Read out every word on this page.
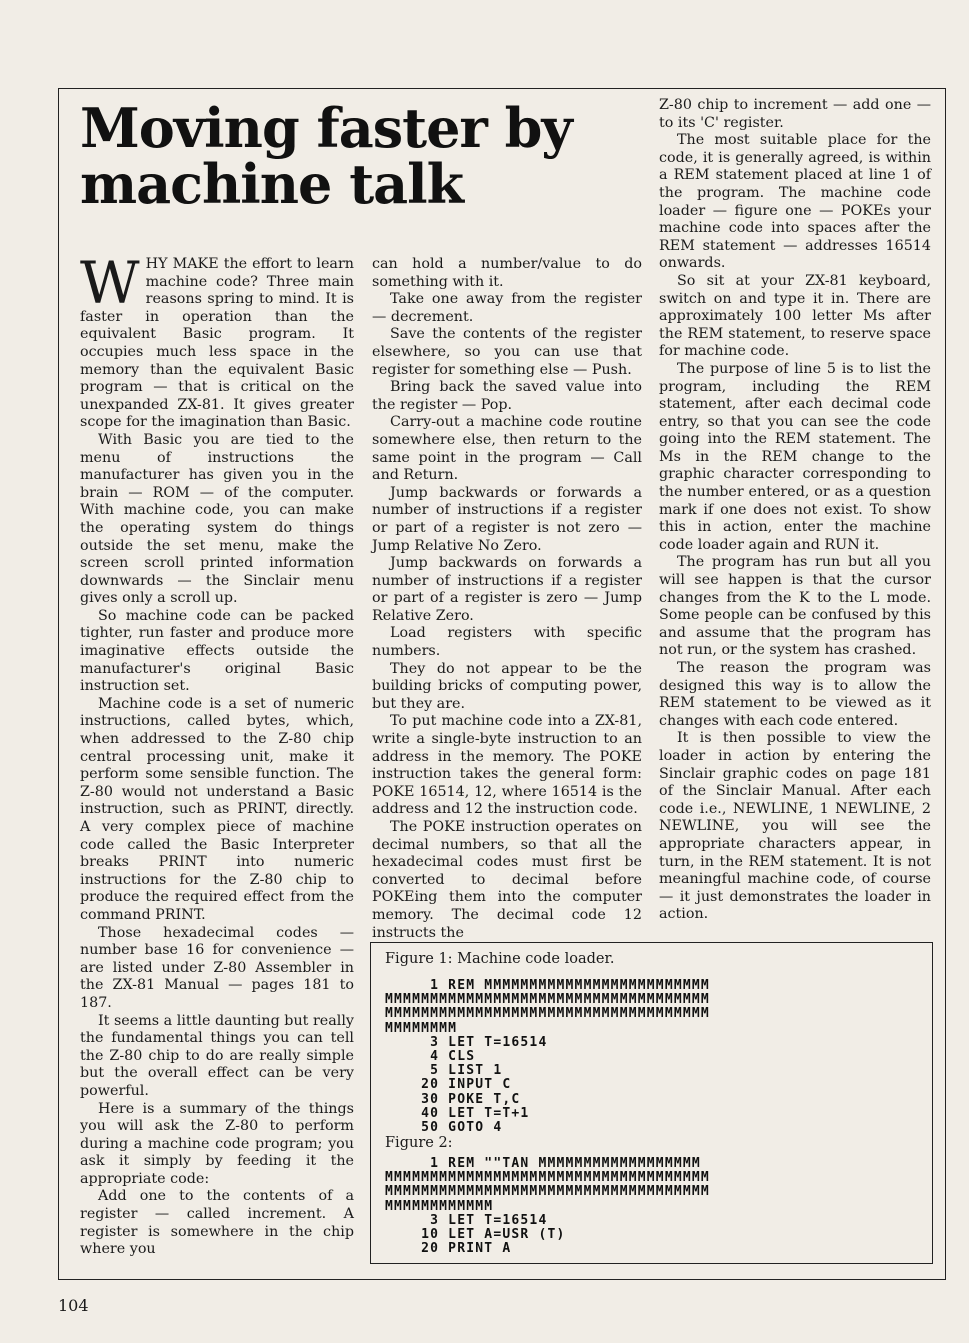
Moving faster by machine talk

WHY MAKE the effort to learn machine code? Three main reasons spring to mind. It is faster in operation than the equivalent Basic program. It occupies much less space in the memory than the equivalent Basic program — that is critical on the unexpanded ZX-81. It gives greater scope for the imagination than Basic.

With Basic you are tied to the menu of instructions the manufacturer has given you in the brain — ROM — of the computer. With machine code, you can make the operating system do things outside the set menu, make the screen scroll printed information downwards — the Sinclair menu gives only a scroll up.

So machine code can be packed tighter, run faster and produce more imaginative effects outside the manufacturer's original Basic instruction set.

Machine code is a set of numeric instructions, called bytes, which, when addressed to the Z-80 chip central processing unit, make it perform some sensible function. The Z-80 would not understand a Basic instruction, such as PRINT, directly. A very complex piece of machine code called the Basic Interpreter breaks PRINT into numeric instructions for the Z-80 chip to produce the required effect from the command PRINT.

Those hexadecimal codes — number base 16 for convenience — are listed under Z-80 Assembler in the ZX-81 Manual — pages 181 to 187.

It seems a little daunting but really the fundamental things you can tell the Z-80 chip to do are really simple but the overall effect can be very powerful.

Here is a summary of the things you will ask the Z-80 to perform during a machine code program; you ask it simply by feeding it the appropriate code:

Add one to the contents of a register — called increment. A register is somewhere in the chip where you

can hold a number/value to do something with it.

Take one away from the register — decrement.

Save the contents of the register elsewhere, so you can use that register for something else — Push.

Bring back the saved value into the register — Pop.

Carry-out a machine code routine somewhere else, then return to the same point in the program — Call and Return.

Jump backwards or forwards a number of instructions if a register or part of a register is not zero — Jump Relative No Zero.

Jump backwards on forwards a number of instructions if a register or part of a register is zero — Jump Relative Zero.

Load registers with specific numbers.

They do not appear to be the building bricks of computing power, but they are.

To put machine code into a ZX-81, write a single-byte instruction to an address in the memory. The POKE instruction takes the general form: POKE 16514, 12, where 16514 is the address and 12 the instruction code.

The POKE instruction operates on decimal numbers, so that all the hexadecimal codes must first be converted to decimal before POKEing them into the computer memory. The decimal code 12 instructs the

Z-80 chip to increment — add one — to its 'C' register.

The most suitable place for the code, it is generally agreed, is within a REM statement placed at line 1 of the program. The machine code loader — figure one — POKEs your machine code into spaces after the REM statement — addresses 16514 onwards.

So sit at your ZX-81 keyboard, switch on and type it in. There are approximately 100 letter Ms after the REM statement, to reserve space for machine code.

The purpose of line 5 is to list the program, including the REM statement, after each decimal code entry, so that you can see the code going into the REM statement. The Ms in the REM change to the graphic character corresponding to the number entered, or as a question mark if one does not exist. To show this in action, enter the machine code loader again and RUN it.

The program has run but all you will see happen is that the cursor changes from the K to the L mode. Some people can be confused by this and assume that the program has not run, or the system has crashed.

The reason the program was designed this way is to allow the REM statement to be viewed as it changes with each code entered.

It is then possible to view the loader in action by entering the Sinclair graphic codes on page 181 of the Sinclair Manual. After each code i.e., NEWLINE, 1 NEWLINE, 2 NEWLINE, you will see the appropriate characters appear, in turn, in the REM statement. It is not meaningful machine code, of course — it just demonstrates the loader in action.

Figure 1: Machine code loader.
1 REM MMMMMMMMMMMMMMMMMMMMMMMMM
MMMMMMMMMMMMMMMMMMMMMMMMMMMMMMMMMMMM
MMMMMMMMMMMMMMMMMMMMMMMMMMMMMMMMMMMM
MMMMMMMM
3 LET T=16514
4 CLS
5 LIST 1
20 INPUT C
30 POKE T,C
40 LET T=T+1
50 GOTO 4
Figure 2:
1 REM ""TAN MMMMMMMMMMMMMMMMMM
MMMMMMMMMMMMMMMMMMMMMMMMMMMMMMMMMMMM
MMMMMMMMMMMMMMMMMMMMMMMMMMMMMMMMMMMM
MMMMMMMMMMMM
3 LET T=16514
10 LET A=USR (T)
20 PRINT A
104
